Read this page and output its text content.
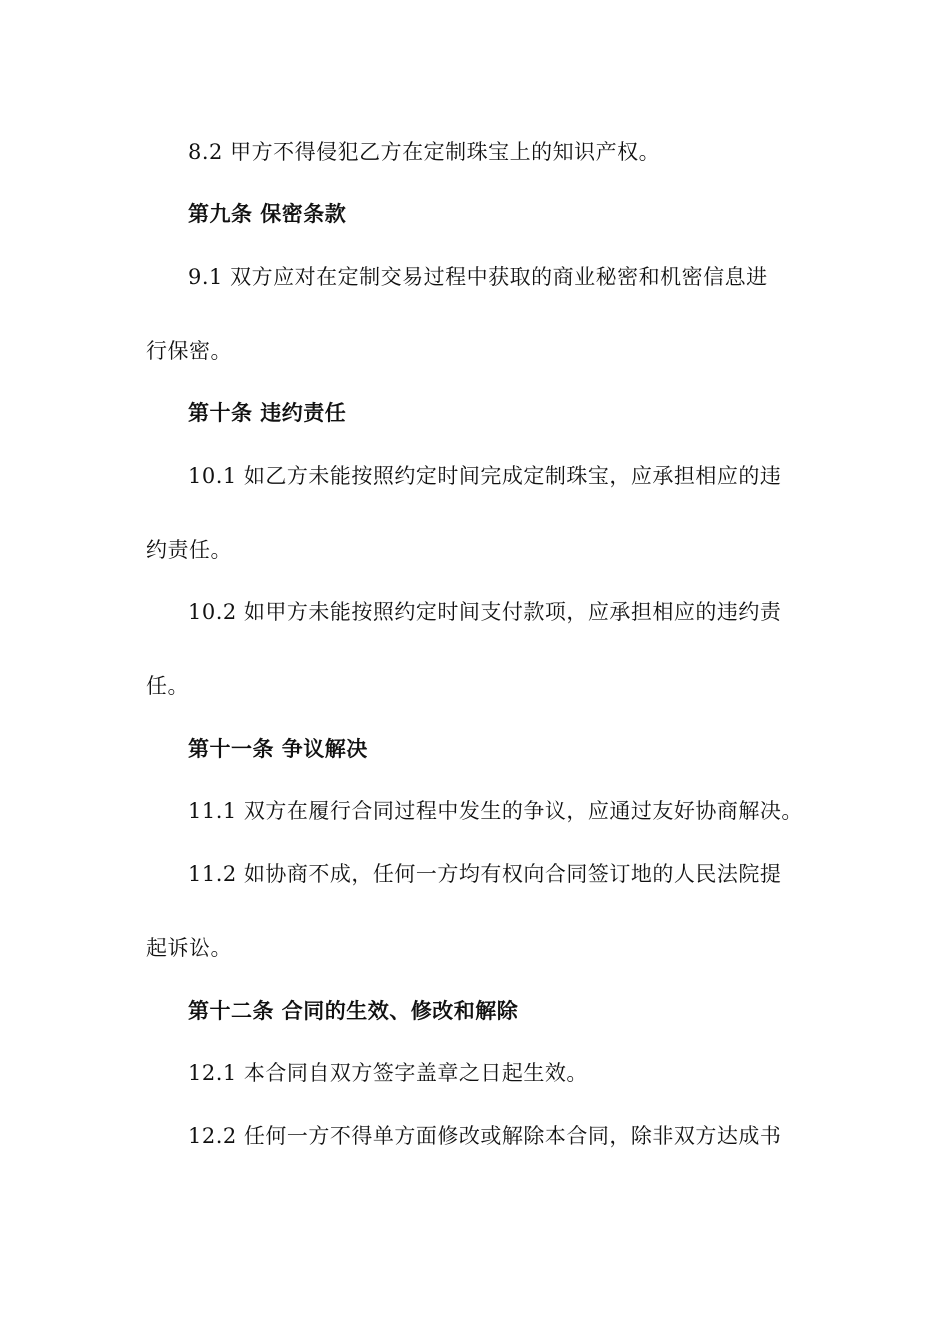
8.2 甲方不得侵犯乙方在定制珠宝上的知识产权。
第九条 保密条款
9.1 双方应对在定制交易过程中获取的商业秘密和机密信息进
行保密。
第十条 违约责任
10.1 如乙方未能按照约定时间完成定制珠宝，应承担相应的违
约责任。
10.2 如甲方未能按照约定时间支付款项，应承担相应的违约责
任。
第十一条 争议解决
11.1 双方在履行合同过程中发生的争议，应通过友好协商解决。
11.2 如协商不成，任何一方均有权向合同签订地的人民法院提
起诉讼。
第十二条 合同的生效、修改和解除
12.1 本合同自双方签字盖章之日起生效。
12.2 任何一方不得单方面修改或解除本合同，除非双方达成书
